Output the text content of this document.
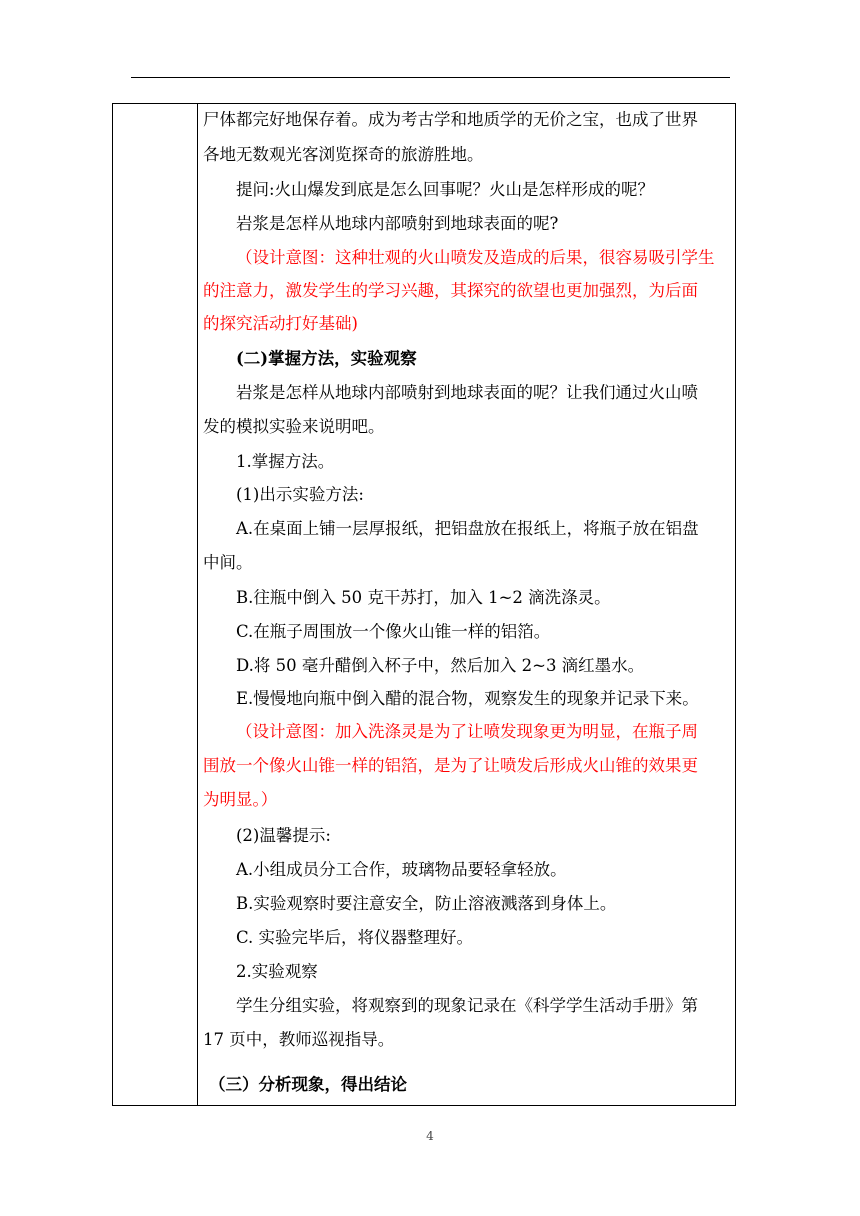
尸体都完好地保存着。成为考古学和地质学的无价之宝，也成了世界
各地无数观光客浏览探奇的旅游胜地。
提问:火山爆发到底是怎么回事呢？火山是怎样形成的呢？
岩浆是怎样从地球内部喷射到地球表面的呢?
（设计意图：这种壮观的火山喷发及造成的后果，很容易吸引学生
的注意力，激发学生的学习兴趣，其探究的欲望也更加强烈，为后面
的探究活动打好基础)
(二)掌握方法，实验观察
岩浆是怎样从地球内部喷射到地球表面的呢？让我们通过火山喷
发的模拟实验来说明吧。
1.掌握方法。
(1)出示实验方法:
A.在桌面上铺一层厚报纸，把铝盘放在报纸上，将瓶子放在铝盘
中间。
B.往瓶中倒入 50 克干苏打，加入 1~2 滴洗涤灵。
C.在瓶子周围放一个像火山锥一样的铝箔。
D.将 50 毫升醋倒入杯子中，然后加入 2~3 滴红墨水。
E.慢慢地向瓶中倒入醋的混合物，观察发生的现象并记录下来。
（设计意图：加入洗涤灵是为了让喷发现象更为明显，在瓶子周
围放一个像火山锥一样的铝箔，是为了让喷发后形成火山锥的效果更
为明显。）
(2)温馨提示:
A.小组成员分工合作，玻璃物品要轻拿轻放。
B.实验观察时要注意安全，防止溶液溅落到身体上。
C. 实验完毕后，将仪器整理好。
2.实验观察
学生分组实验，将观察到的现象记录在《科学学生活动手册》第
17 页中，教师巡视指导。
（三）分析现象，得出结论
4
